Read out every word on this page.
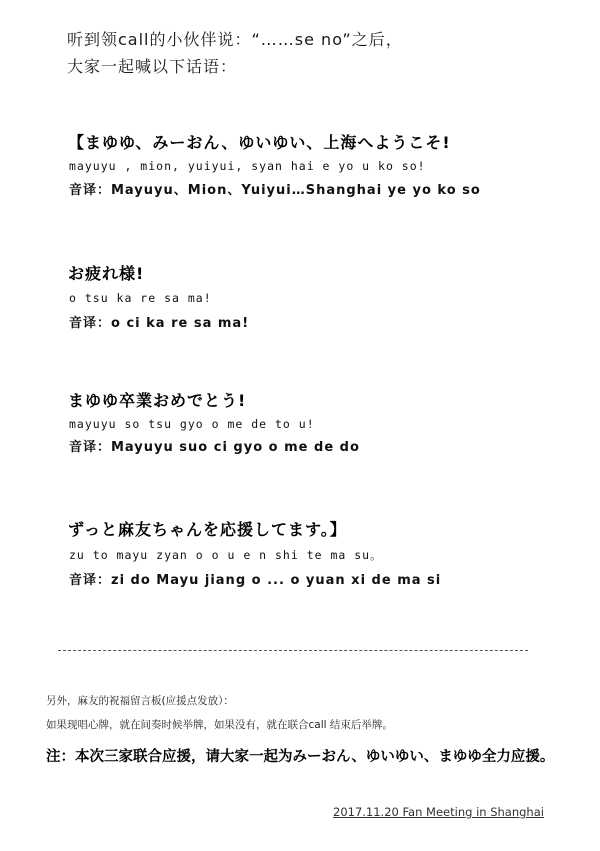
听到领call的小伙伴说：“……se no”之后，
大家一起喊以下话语：
【まゆゆ、みーおん、ゆいゆい、上海へようこそ!
mayuyu , mion, yuiyui, syan hai e yo u ko so!
音译：Mayuyu、Mion、Yuiyui…Shanghai ye yo ko so
お疲れ様!
o tsu ka re sa ma!
音译：o ci ka re sa ma!
まゆゆ卒業おめでとう!
mayuyu so tsu gyo o me de to u!
音译：Mayuyu suo ci gyo o me de do
ずっと麻友ちゃんを応援してます。】
zu to mayu zyan o o u e n shi te ma su。
音译：zi do Mayu jiang o ... o yuan xi de ma si
另外，麻友的祝福留言板(应援点发放）：
如果现唱心牌，就在间奏时候举牌，如果没有，就在联合call 结束后举牌。
注：本次三家联合应援，请大家一起为みーおん、ゆいゆい、まゆゆ全力应援。
2017.11.20 Fan Meeting in Shanghai
